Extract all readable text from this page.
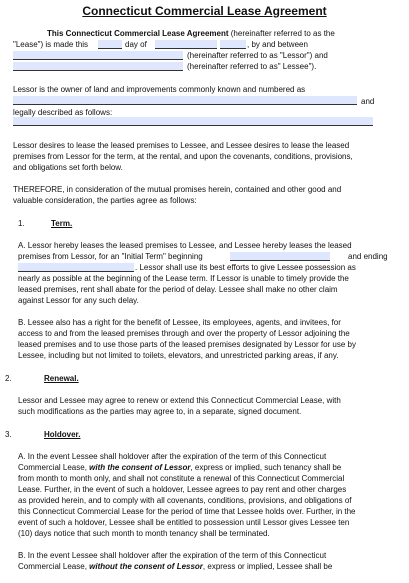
Connecticut Commercial Lease Agreement
This Connecticut Commercial Lease Agreement (hereinafter referred to as the
"Lease") is made this	day of	, by and between
(hereinafter referred to as "Lessor") and
(hereinafter referred to as" Lessee").
Lessor is the owner of land and improvements commonly known and numbered as
and
legally described as follows:
Lessor desires to lease the leased premises to Lessee, and Lessee desires to lease the leased
premises from Lessor for the term, at the rental, and upon the covenants, conditions, provisions,
and obligations set forth below.
THEREFORE, in consideration of the mutual promises herein, contained and other good and
valuable consideration, the parties agree as follows:
1.	Term.
A. Lessor hereby leases the leased premises to Lessee, and Lessee hereby leases the leased
premises from Lessor, for an "Initial Term" beginning	and ending
. Lessor shall use its best efforts to give Lessee possession as
nearly as possible at the beginning of the Lease term. If Lessor is unable to timely provide the
leased premises, rent shall abate for the period of delay. Lessee shall make no other claim
against Lessor for any such delay.
B. Lessee also has a right for the benefit of Lessee, its employees, agents, and invitees, for
access to and from the leased premises through and over the property of Lessor adjoining the
leased premises and to use those parts of the leased premises designated by Lessor for use by
Lessee, including but not limited to toilets, elevators, and unrestricted parking areas, if any.
2.	Renewal.
Lessor and Lessee may agree to renew or extend this Connecticut Commercial Lease, with
such modifications as the parties may agree to, in a separate, signed document.
3.	Holdover.
A. In the event Lessee shall holdover after the expiration of the term of this Connecticut
Commercial Lease, with the consent of Lessor, express or implied, such tenancy shall be
from month to month only, and shall not constitute a renewal of this Connecticut Commercial
Lease. Further, in the event of such a holdover, Lessee agrees to pay rent and other charges
as provided herein, and to comply with all covenants, conditions, provisions, and obligations of
this Connecticut Commercial Lease for the period of time that Lessee holds over. Further, in the
event of such a holdover, Lessee shall be entitled to possession until Lessor gives Lessee ten
(10) days notice that such month to month tenancy shall be terminated.
B. In the event Lessee shall holdover after the expiration of the term of this Connecticut
Commercial Lease, without the consent of Lessor, express or implied, Lessee shall be
